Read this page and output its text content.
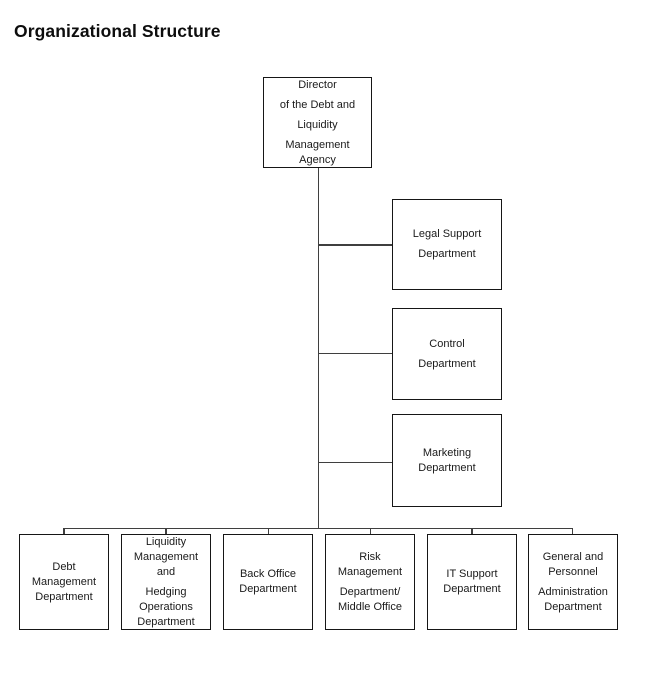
Organizational Structure
Director
of the Debt and
Liquidity
Management
Agency
Legal Support
Department
Control
Department
Marketing
Department
Debt
Management
Department
Liquidity
Management
and
Hedging
Operations
Department
Back Office
Department
Risk
Management
Department/
Middle Office
IT Support
Department
General and
Personnel
Administration
Department
